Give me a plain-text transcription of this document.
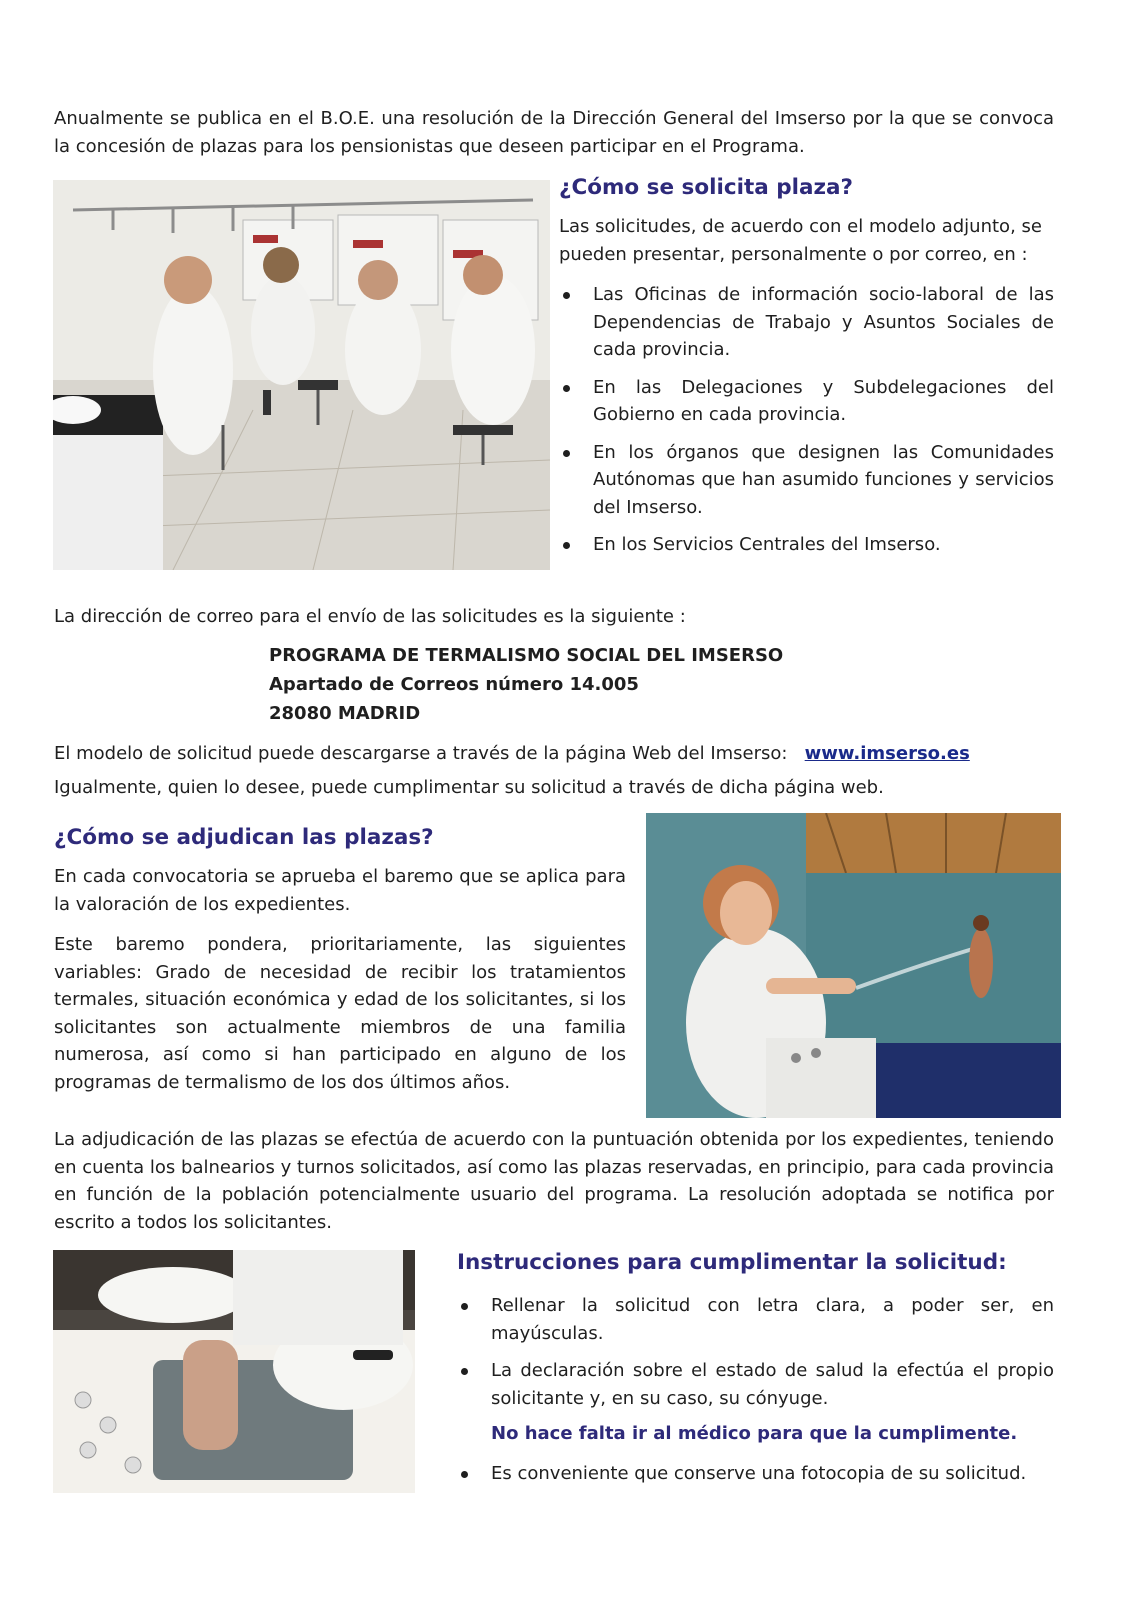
Anualmente se publica en el B.O.E. una resolución de la Dirección General del Imserso por la que se convoca la concesión de plazas para los pensionistas que deseen participar en el Programa.

¿Cómo se solicita plaza?

Las solicitudes, de acuerdo con el modelo adjunto, se pueden presentar, personalmente o por correo, en :

Las Oficinas de información socio-laboral de las Dependencias de Trabajo y Asuntos Sociales de cada provincia.
En las Delegaciones y Subdelegaciones del Gobierno en cada provincia.
En los órganos que designen las Comunidades Autónomas que han asumido funciones y servicios del Imserso.
En los Servicios Centrales del Imserso.

La dirección de correo para el envío de las solicitudes es la siguiente :

PROGRAMA DE TERMALISMO SOCIAL DEL IMSERSO

Apartado de Correos número 14.005

28080 MADRID

El modelo de solicitud puede descargarse a través de la página Web del Imserso: www.imserso.es

Igualmente, quien lo desee, puede cumplimentar su solicitud a través de dicha página web.

¿Cómo se adjudican las plazas?

En cada convocatoria se aprueba el baremo que se aplica para la valoración de los expedientes.

Este baremo pondera, prioritariamente, las siguientes variables: Grado de necesidad de recibir los tratamientos termales, situación económica y edad de los solicitantes, si los solicitantes son actualmente miembros de una familia numerosa, así como si han participado en alguno de los programas de termalismo de los dos últimos años.

La adjudicación de las plazas se efectúa de acuerdo con la puntuación obtenida por los expedientes, teniendo en cuenta los balnearios y turnos solicitados, así como las plazas reservadas, en principio, para cada provincia en función de la población potencialmente usuario del programa. La resolución adoptada se notifica por escrito a todos los solicitantes.

Instrucciones para cumplimentar la solicitud:
Rellenar la solicitud con letra clara, a poder ser, en mayúsculas.
La declaración sobre el estado de salud la efectúa el propio solicitante y, en su caso, su cónyuge.

No hace falta ir al médico para que la cumplimente.

Es conveniente que conserve una fotocopia de su solicitud.
